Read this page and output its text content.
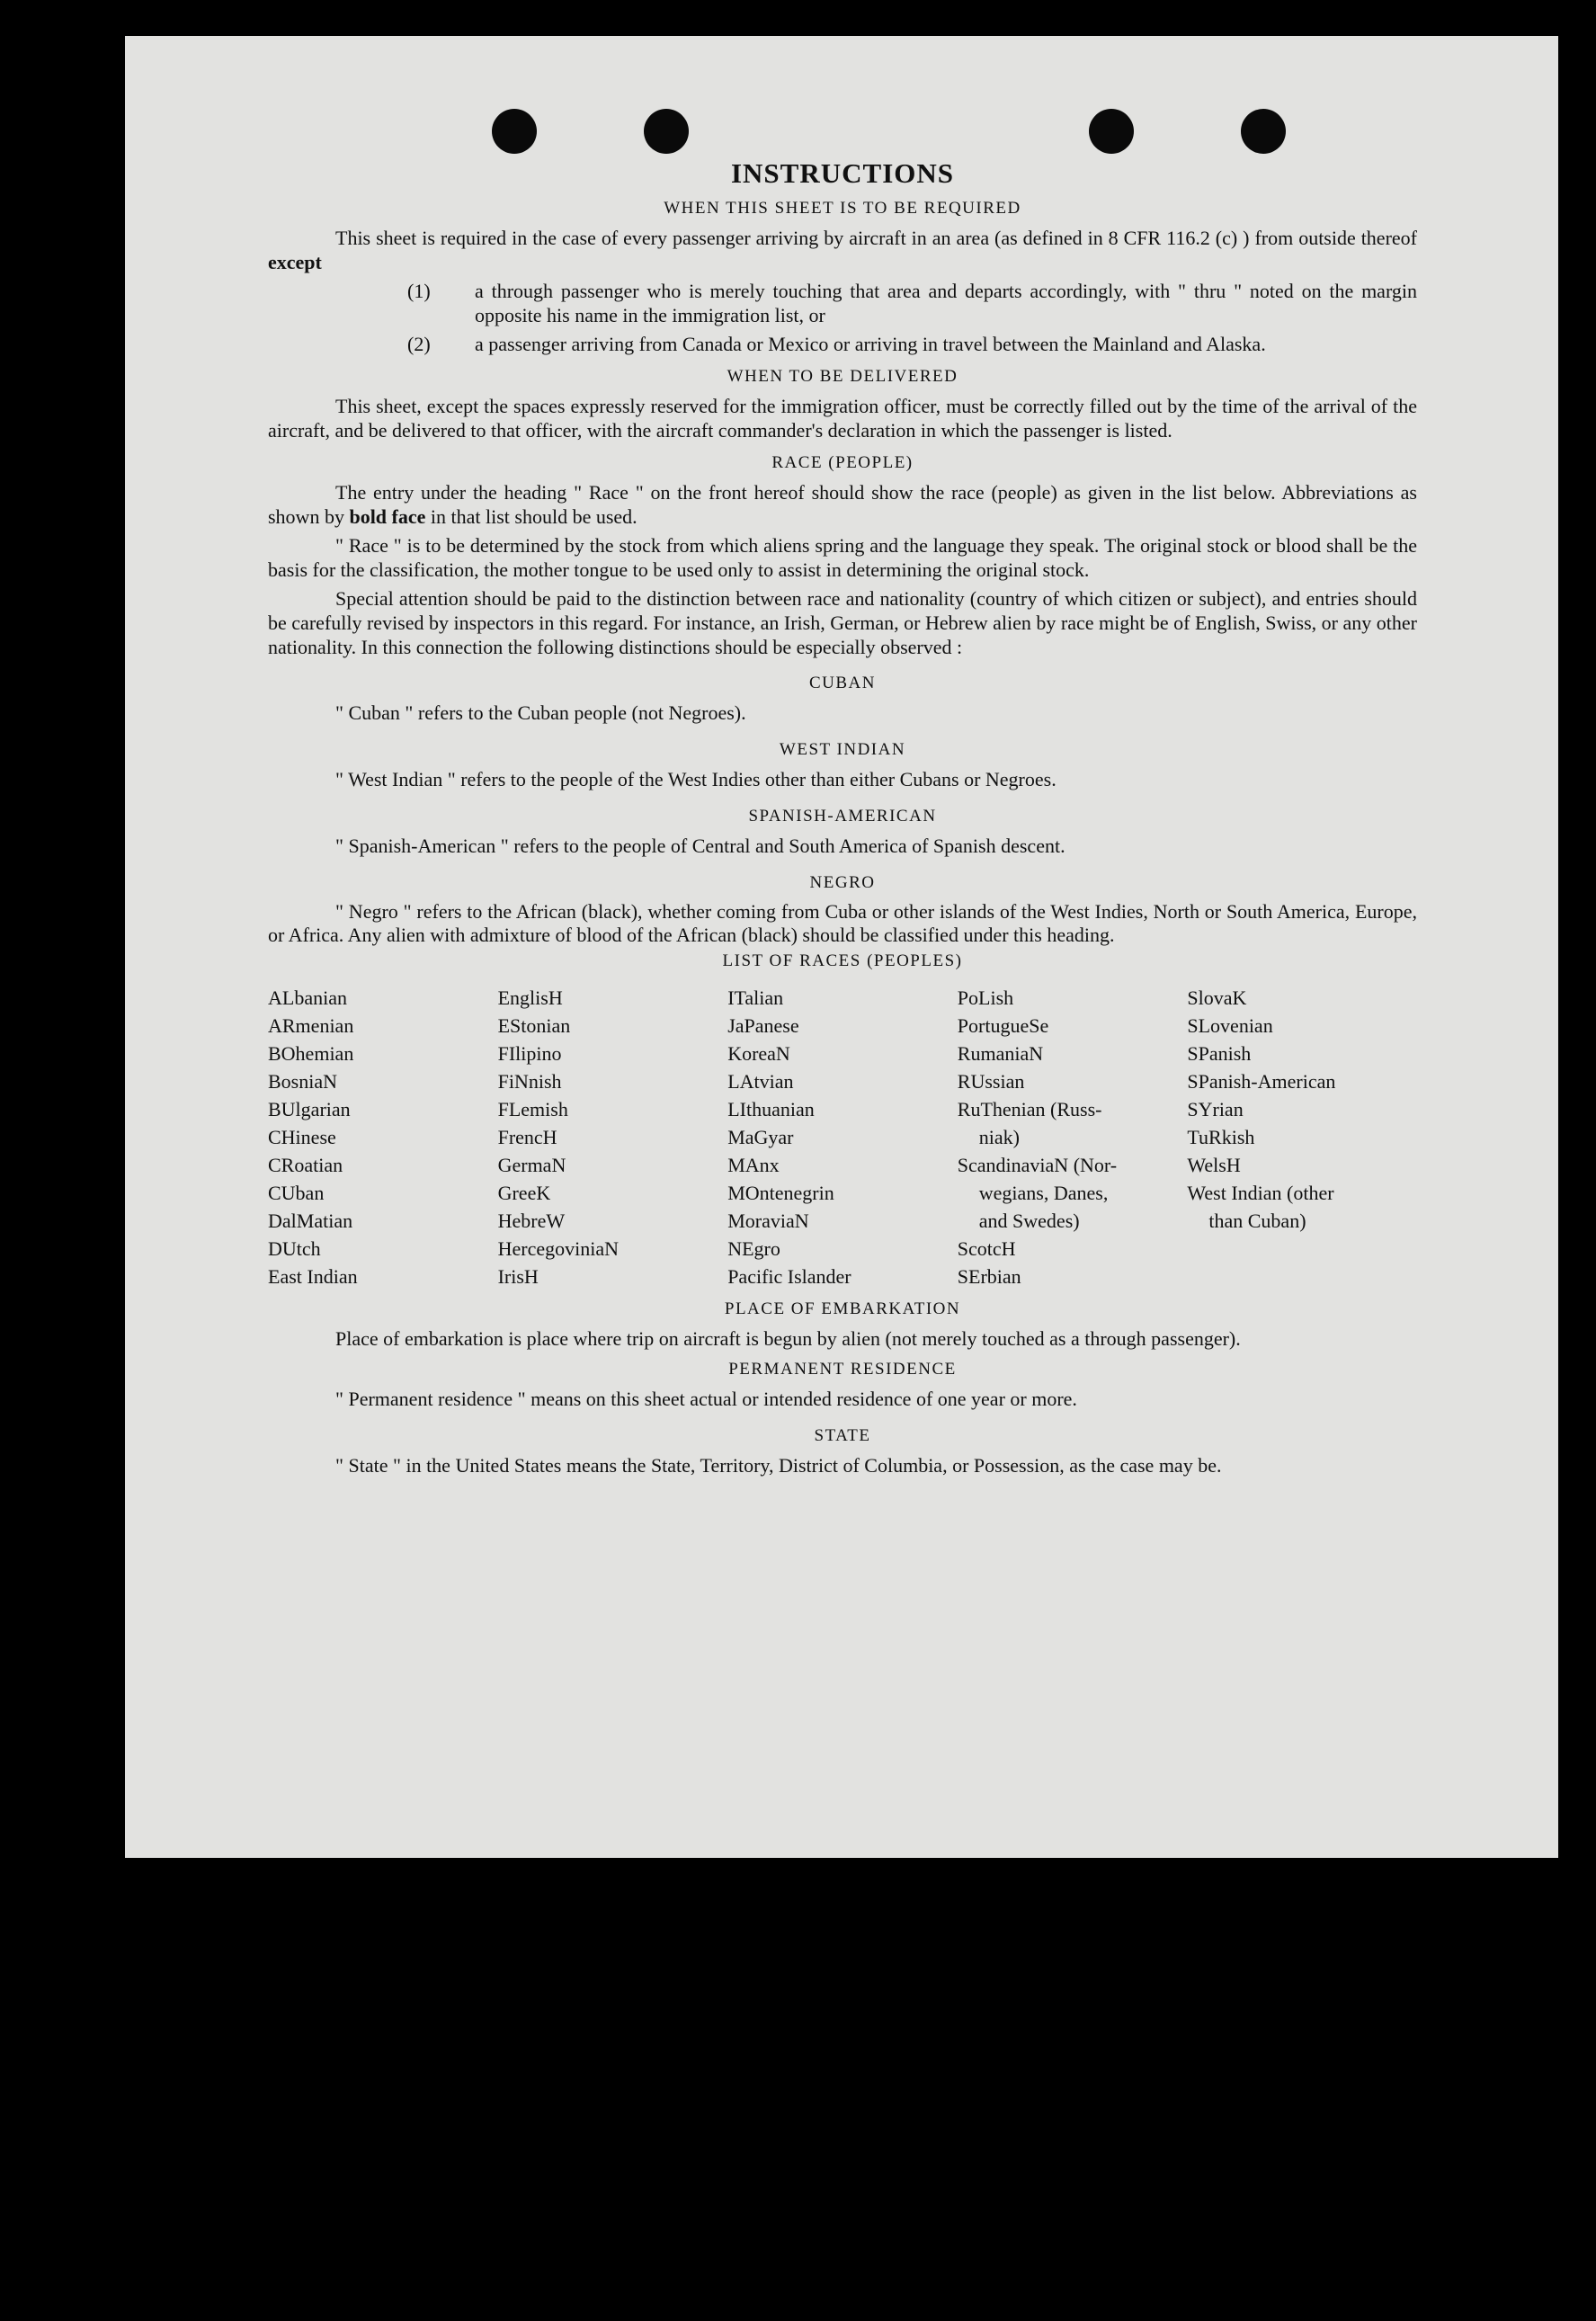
INSTRUCTIONS
WHEN THIS SHEET IS TO BE REQUIRED

This sheet is required in the case of every passenger arriving by aircraft in an area (as defined in 8 CFR 116.2 (c) ) from outside thereof except

(1) a through passenger who is merely touching that area and departs accordingly, with " thru " noted on the margin opposite his name in the immigration list, or

(2) a passenger arriving from Canada or Mexico or arriving in travel between the Mainland and Alaska.

WHEN TO BE DELIVERED

This sheet, except the spaces expressly reserved for the immigration officer, must be correctly filled out by the time of the arrival of the aircraft, and be delivered to that officer, with the aircraft commander's declaration in which the passenger is listed.

RACE (PEOPLE)

The entry under the heading " Race " on the front hereof should show the race (people) as given in the list below. Abbreviations as shown by bold face in that list should be used.

" Race " is to be determined by the stock from which aliens spring and the language they speak. The original stock or blood shall be the basis for the classification, the mother tongue to be used only to assist in determining the original stock.

Special attention should be paid to the distinction between race and nationality (country of which citizen or subject), and entries should be carefully revised by inspectors in this regard. For instance, an Irish, German, or Hebrew alien by race might be of English, Swiss, or any other nationality. In this connection the following distinctions should be especially observed :

CUBAN

" Cuban " refers to the Cuban people (not Negroes).

WEST INDIAN

" West Indian " refers to the people of the West Indies other than either Cubans or Negroes.

SPANISH-AMERICAN

" Spanish-American " refers to the people of Central and South America of Spanish descent.

NEGRO

" Negro " refers to the African (black), whether coming from Cuba or other islands of the West Indies, North or South America, Europe, or Africa. Any alien with admixture of blood of the African (black) should be classified under this heading.

LIST OF RACES (PEOPLES)
ALbanian
ARmenian
BOhemian
BosniaN
BUlgarian
CHinese
CRoatian
CUban
DalMatian
DUtch
East Indian
EnglisH
EStonian
FIlipino
FiNnish
FLemish
FrencH
GermaN
GreeK
HebreW
HercegoviniaN
IrisH
ITalian
JaPanese
KoreaN
LAtvian
LIthuanian
MaGyar
MAnx
MOntenegrin
MoraviaN
NEgro
Pacific Islander
PoLish
PortugueSe
RumaniaN
RUssian
RuThenian (Russ-
niak)
ScandinaviaN (Nor-
wegians, Danes,
and Swedes)
ScotcH
SErbian
SlovaK
SLovenian
SPanish
SPanish-American
SYrian
TuRkish
WelsH
West Indian (other
than Cuban)
PLACE OF EMBARKATION

Place of embarkation is place where trip on aircraft is begun by alien (not merely touched as a through passenger).

PERMANENT RESIDENCE

" Permanent residence " means on this sheet actual or intended residence of one year or more.

STATE

" State " in the United States means the State, Territory, District of Columbia, or Possession, as the case may be.
